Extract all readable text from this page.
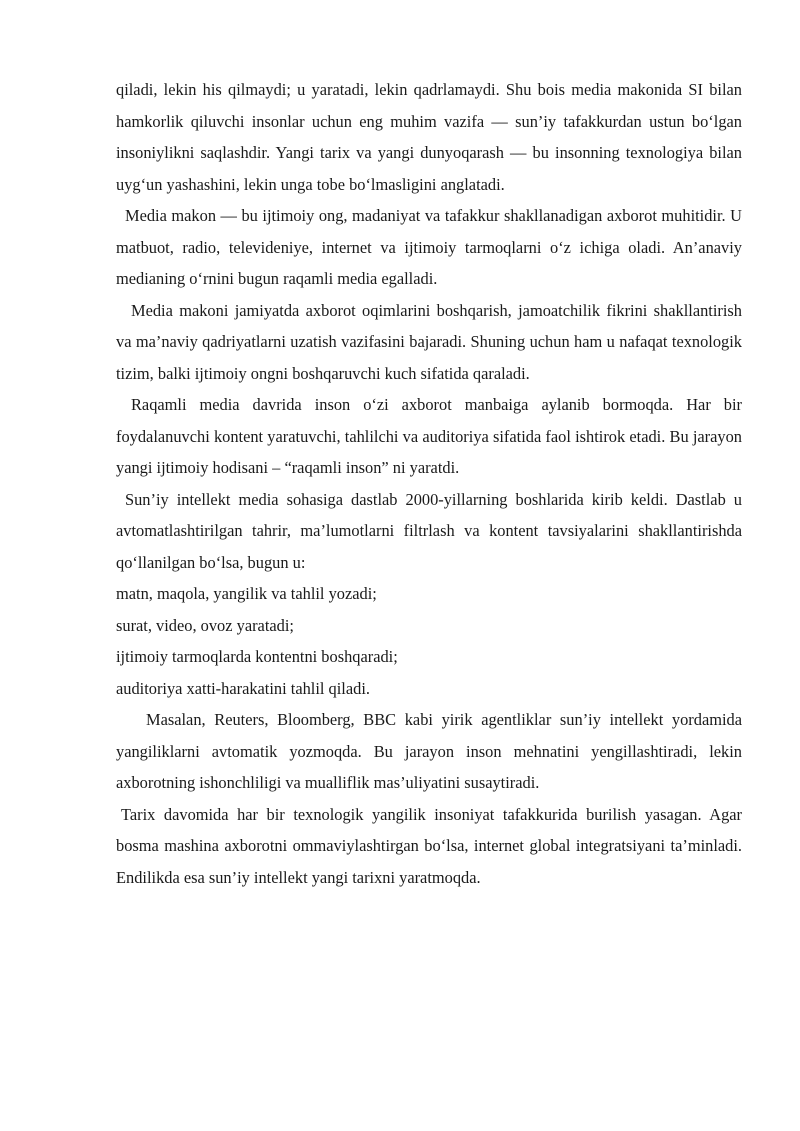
qiladi, lekin his qilmaydi; u yaratadi, lekin qadrlamaydi. Shu bois media makonida SI bilan hamkorlik qiluvchi insonlar uchun eng muhim vazifa — sun’iy tafakkurdan ustun bo‘lgan insoniylikni saqlashdir. Yangi tarix va yangi dunyoqarash — bu insonning texnologiya bilan uyg‘un yashashini, lekin unga tobe bo‘lmasligini anglatadi.

Media makon — bu ijtimoiy ong, madaniyat va tafakkur shakllanadigan axborot muhitidir. U matbuot, radio, televideniye, internet va ijtimoiy tarmoqlarni o‘z ichiga oladi. An’anaviy medianing o‘rnini bugun raqamli media egalladi.

Media makoni jamiyatda axborot oqimlarini boshqarish, jamoatchilik fikrini shakllantirish va ma’naviy qadriyatlarni uzatish vazifasini bajaradi. Shuning uchun ham u nafaqat texnologik tizim, balki ijtimoiy ongni boshqaruvchi kuch sifatida qaraladi.

Raqamli media davrida inson o‘zi axborot manbaiga aylanib bormoqda. Har bir foydalanuvchi kontent yaratuvchi, tahlilchi va auditoriya sifatida faol ishtirok etadi. Bu jarayon yangi ijtimoiy hodisani – “raqamli inson” ni yaratdi.

Sun’iy intellekt media sohasiga dastlab 2000-yillarning boshlarida kirib keldi. Dastlab u avtomatlashtirilgan tahrir, ma’lumotlarni filtrlash va kontent tavsiyalarini shakllantirishda qo‘llanilgan bo‘lsa, bugun u:

matn, maqola, yangilik va tahlil yozadi;

surat, video, ovoz yaratadi;

ijtimoiy tarmoqlarda kontentni boshqaradi;

auditoriya xatti-harakatini tahlil qiladi.

Masalan, Reuters, Bloomberg, BBC kabi yirik agentliklar sun’iy intellekt yordamida yangiliklarni avtomatik yozmoqda. Bu jarayon inson mehnatini yengillashtiradi, lekin axborotning ishonchliligi va mualliflik mas’uliyatini susaytiradi.

Tarix davomida har bir texnologik yangilik insoniyat tafakkurida burilish yasagan. Agar bosma mashina axborotni ommaviylashtirgan bo‘lsa, internet global integratsiyani ta’minladi. Endilikda esa sun’iy intellekt yangi tarixni yaratmoqda.
